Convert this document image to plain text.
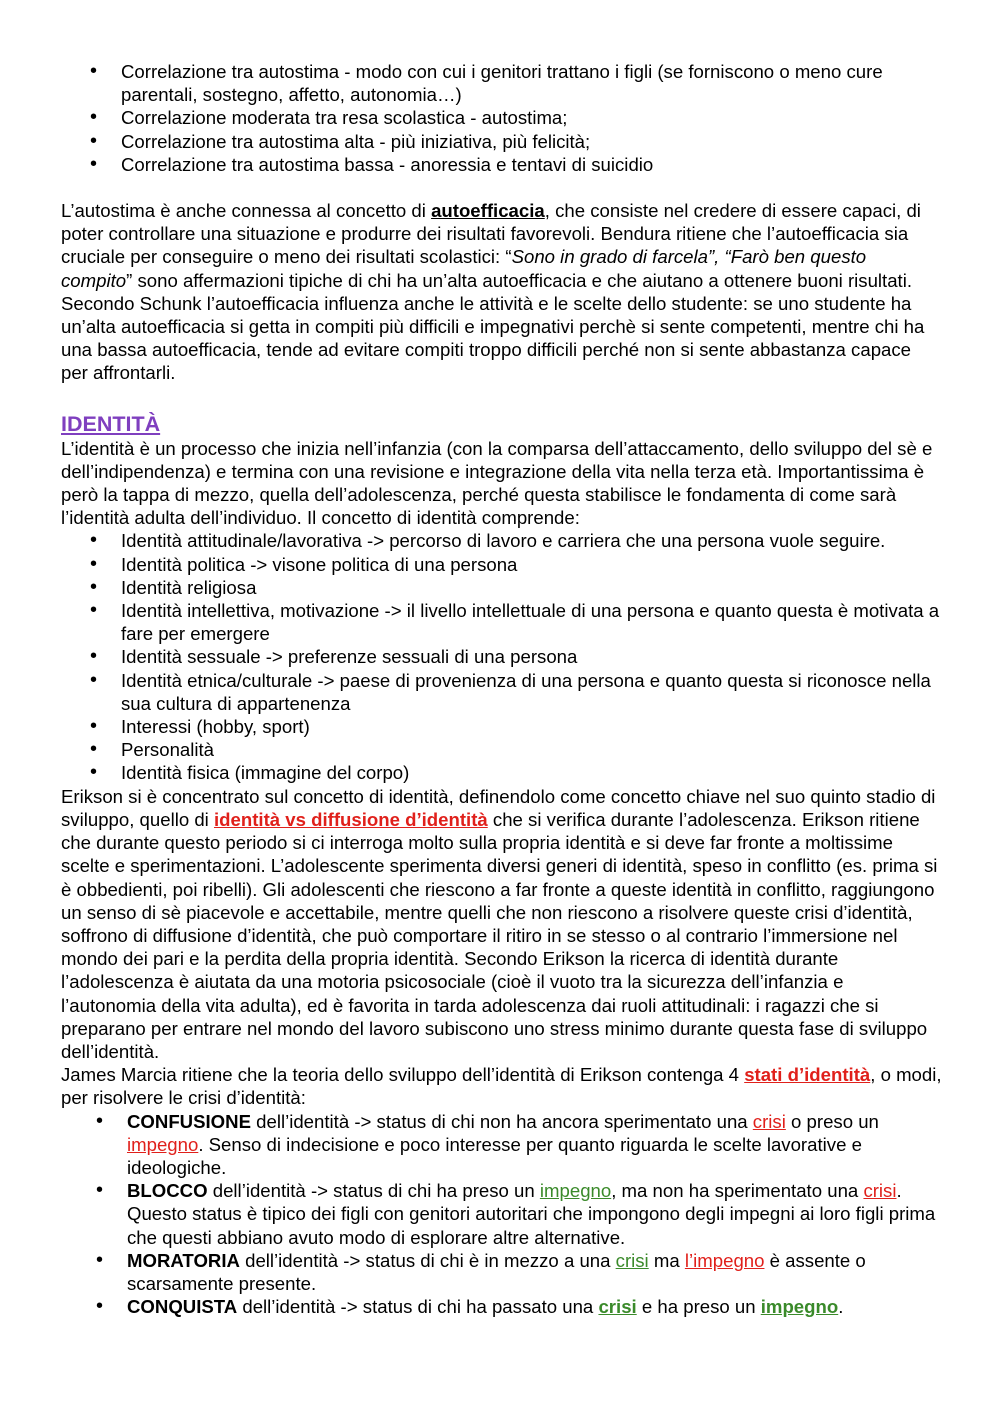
• Correlazione tra autostima - modo con cui i genitori trattano i figli (se forniscono o meno cure parentali, sostegno, affetto, autonomia…)
• Correlazione moderata tra resa scolastica - autostima;
• Correlazione tra autostima alta - più iniziativa, più felicità;
• Correlazione tra autostima bassa - anoressia e tentavi di suicidio

L’autostima è anche connessa al concetto di autoefficacia, che consiste nel credere di essere capaci, di poter controllare una situazione e produrre dei risultati favorevoli. Bendura ritiene che l’autoefficacia sia cruciale per conseguire o meno dei risultati scolastici: “Sono in grado di farcela”, “Farò ben questo compito” sono affermazioni tipiche di chi ha un’alta autoefficacia e che aiutano a ottenere buoni risultati. Secondo Schunk l’autoefficacia influenza anche le attività e le scelte dello studente: se uno studente ha un’alta autoefficacia si getta in compiti più difficili e impegnativi perchè si sente competenti, mentre chi ha una bassa autoefficacia, tende ad evitare compiti troppo difficili perché non si sente abbastanza capace per affrontarli.

IDENTITÀ

L’identità è un processo che inizia nell’infanzia (con la comparsa dell’attaccamento, dello sviluppo del sè e dell’indipendenza) e termina con una revisione e integrazione della vita nella terza età. Importantissima è però la tappa di mezzo, quella dell’adolescenza, perché questa stabilisce le fondamenta di come sarà l’identità adulta dell’individuo. Il concetto di identità comprende:

• Identità attitudinale/lavorativa -> percorso di lavoro e carriera che una persona vuole seguire.
• Identità politica -> visone politica di una persona
• Identità religiosa
• Identità intellettiva, motivazione -> il livello intellettuale di una persona e quanto questa è motivata a fare per emergere
• Identità sessuale -> preferenze sessuali di una persona
• Identità etnica/culturale -> paese di provenienza di una persona e quanto questa si riconosce nella sua cultura di appartenenza
• Interessi (hobby, sport)
• Personalità
• Identità fisica (immagine del corpo)

Erikson si è concentrato sul concetto di identità, definendolo come concetto chiave nel suo quinto stadio di sviluppo, quello di identità vs diffusione d’identità che si verifica durante l’adolescenza. Erikson ritiene che durante questo periodo si ci interroga molto sulla propria identità e si deve far fronte a moltissime scelte e sperimentazioni. L’adolescente sperimenta diversi generi di identità, speso in conflitto (es. prima si è obbedienti, poi ribelli). Gli adolescenti che riescono a far fronte a queste identità in conflitto, raggiungono un senso di sè piacevole e accettabile, mentre quelli che non riescono a risolvere queste crisi d’identità, soffrono di diffusione d’identità, che può comportare il ritiro in se stesso o al contrario l’immersione nel mondo dei pari e la perdita della propria identità. Secondo Erikson la ricerca di identità durante l’adolescenza è aiutata da una motoria psicosociale (cioè il vuoto tra la sicurezza dell’infanzia e l’autonomia della vita adulta), ed è favorita in tarda adolescenza dai ruoli attitudinali: i ragazzi che si preparano per entrare nel mondo del lavoro subiscono uno stress minimo durante questa fase di sviluppo dell’identità.

James Marcia ritiene che la teoria dello sviluppo dell’identità di Erikson contenga 4 stati d’identità, o modi, per risolvere le crisi d’identità:

• CONFUSIONE dell’identità -> status di chi non ha ancora sperimentato una crisi o preso un impegno. Senso di indecisione e poco interesse per quanto riguarda le scelte lavorative e ideologiche.
• BLOCCO dell’identità -> status di chi ha preso un impegno, ma non ha sperimentato una crisi. Questo status è tipico dei figli con genitori autoritari che impongono degli impegni ai loro figli prima che questi abbiano avuto modo di esplorare altre alternative.
• MORATORIA dell’identità -> status di chi è in mezzo a una crisi ma l’impegno è assente o scarsamente presente.
• CONQUISTA dell’identità -> status di chi ha passato una crisi e ha preso un impegno.
